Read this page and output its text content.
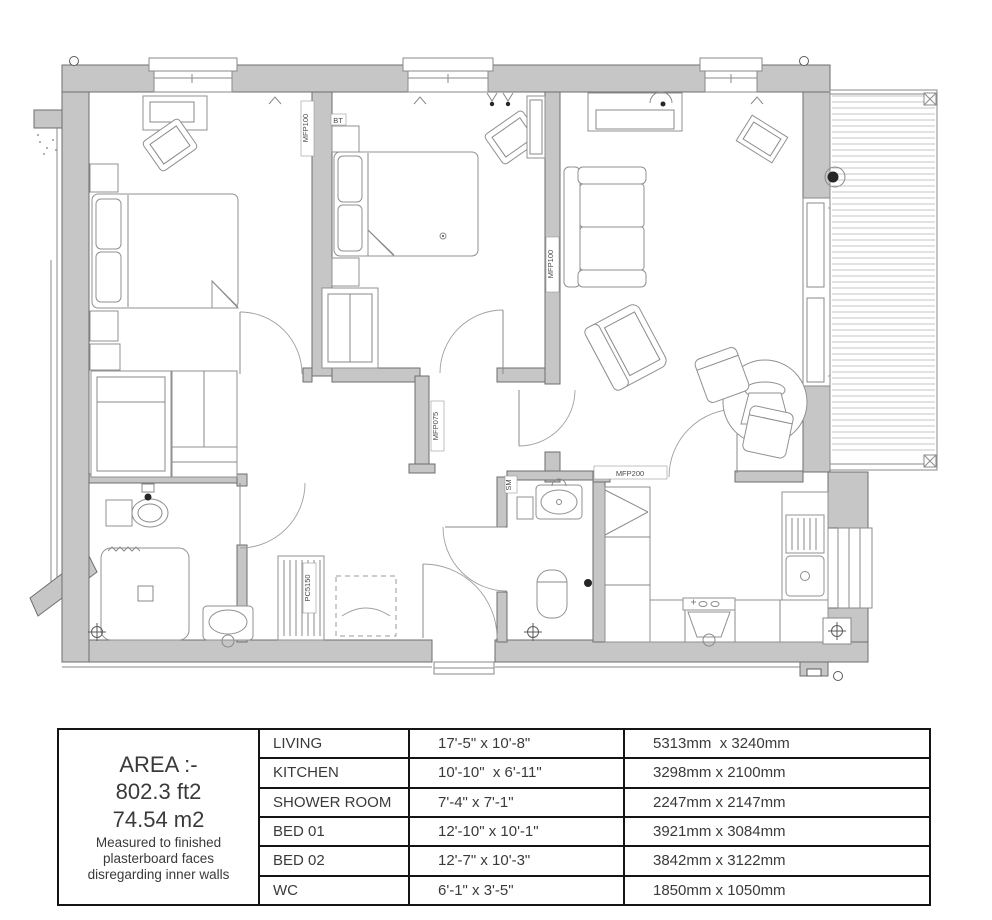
MFP100
MFP100
MFP075
MFP200
PC5150
BT
SM
AREA :-
802.3 ft2
74.54 m2
Measured to finished
plasterboard faces
disregarding inner walls
LIVING	17'-5" x 10'-8"	5313mm  x 3240mm
KITCHEN	10'-10"  x 6'-11"	3298mm x 2100mm
SHOWER ROOM	7'-4" x 7'-1"	2247mm x 2147mm
BED 01	12'-10" x 10'-1"	3921mm x 3084mm
BED 02	12'-7" x 10'-3"	3842mm x 3122mm
WC	6'-1" x 3'-5"	1850mm x 1050mm
